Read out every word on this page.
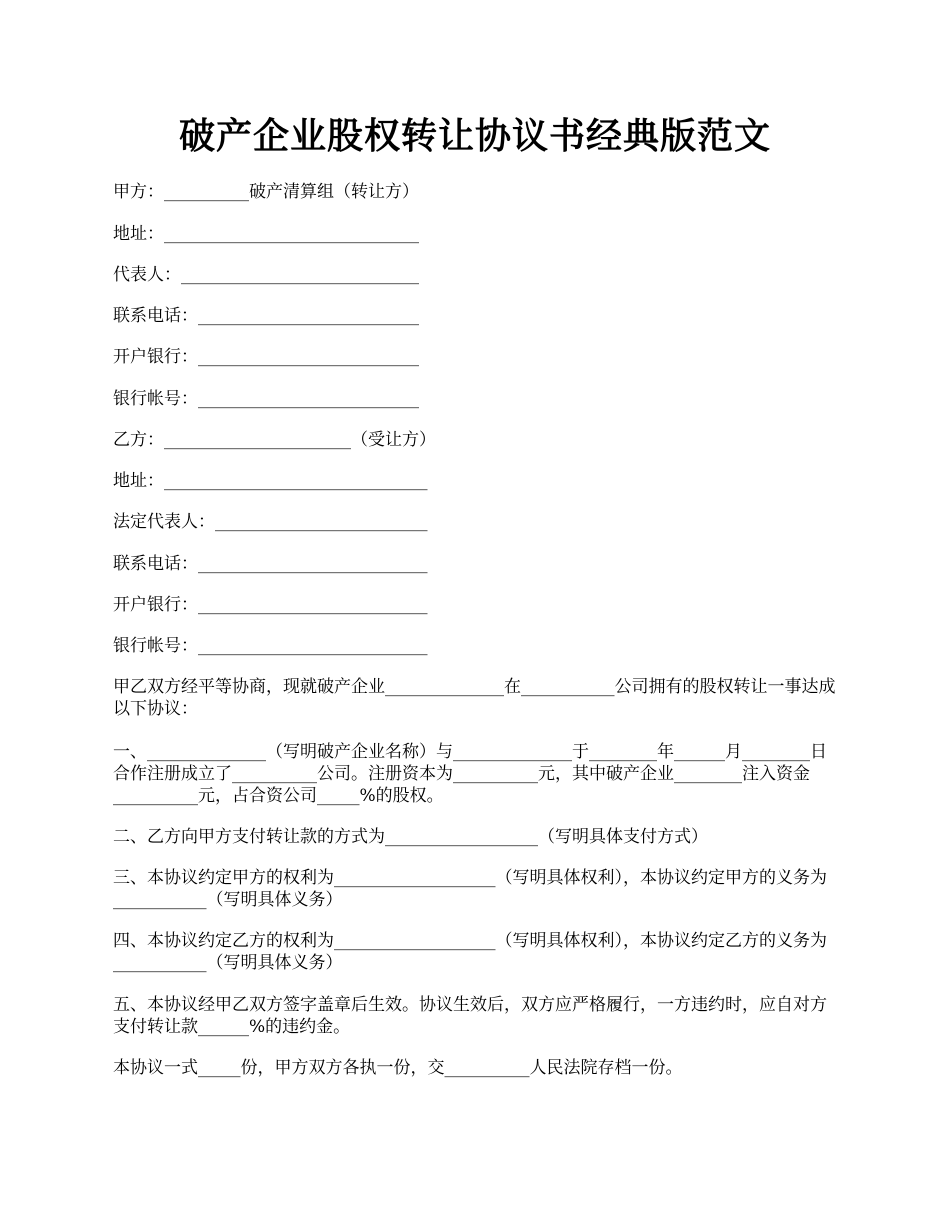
破产企业股权转让协议书经典版范文
甲方：__________破产清算组（转让方）
地址：______________________________
代表人：____________________________
联系电话：__________________________
开户银行：__________________________
银行帐号：__________________________
乙方：______________________（受让方）
地址：_______________________________
法定代表人：_________________________
联系电话：___________________________
开户银行：___________________________
银行帐号：___________________________

甲乙双方经平等协商，现就破产企业______________在___________公司拥有的股权转让一事达成以下协议：

一、______________（写明破产企业名称）与______________于________年______月________日合作注册成立了__________公司。注册资本为__________元，其中破产企业________注入资金__________元，占合资公司_____%的股权。

二、乙方向甲方支付转让款的方式为__________________（写明具体支付方式）

三、本协议约定甲方的权利为___________________（写明具体权利），本协议约定甲方的义务为___________（写明具体义务）

四、本协议约定乙方的权利为___________________（写明具体权利），本协议约定乙方的义务为___________（写明具体义务）

五、本协议经甲乙双方签字盖章后生效。协议生效后，双方应严格履行，一方违约时，应自对方支付转让款______%的违约金。

本协议一式_____份，甲方双方各执一份，交__________人民法院存档一份。
